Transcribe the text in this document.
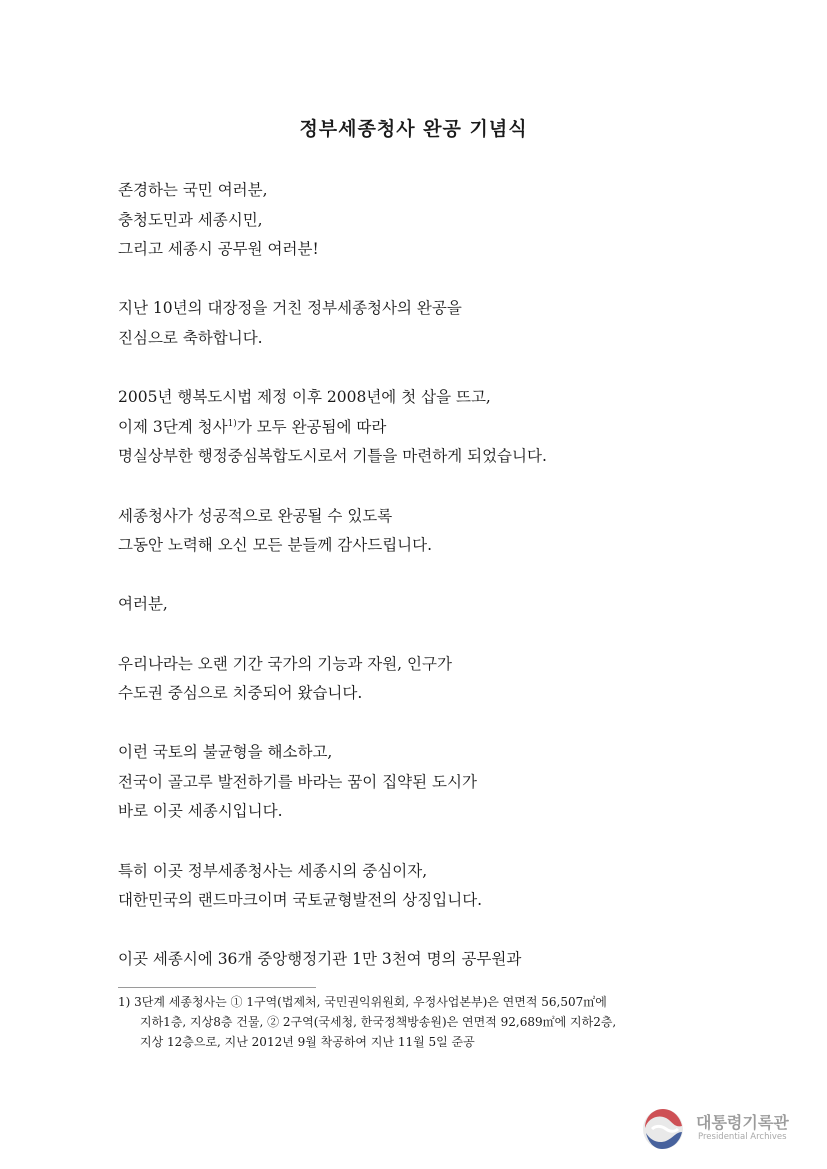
정부세종청사 완공 기념식

존경하는 국민 여러분,
충청도민과 세종시민,
그리고 세종시 공무원 여러분!

지난 10년의 대장정을 거친 정부세종청사의 완공을
진심으로 축하합니다.

2005년 행복도시법 제정 이후 2008년에 첫 삽을 뜨고,
이제 3단계 청사$^{1)}$가 모두 완공됨에 따라
명실상부한 행정중심복합도시로서 기틀을 마련하게 되었습니다.

세종청사가 성공적으로 완공될 수 있도록
그동안 노력해 오신 모든 분들께 감사드립니다.

여러분,

우리나라는 오랜 기간 국가의 기능과 자원, 인구가
수도권 중심으로 치중되어 왔습니다.

이런 국토의 불균형을 해소하고,
전국이 골고루 발전하기를 바라는 꿈이 집약된 도시가
바로 이곳 세종시입니다.

특히 이곳 정부세종청사는 세종시의 중심이자,
대한민국의 랜드마크이며 국토균형발전의 상징입니다.

이곳 세종시에 36개 중앙행정기관 1만 3천여 명의 공무원과

1) 3단계 세종청사는 ① 1구역(법제처, 국민권익위원회, 우정사업본부)은 연면적 56,507㎡에
지하1층, 지상8층 건물, ② 2구역(국세청, 한국정책방송원)은 연면적 92,689㎡에 지하2층,
지상 12층으로, 지난 2012년 9월 착공하여 지난 11월 5일 준공
대통령기록관
Presidential Archives
